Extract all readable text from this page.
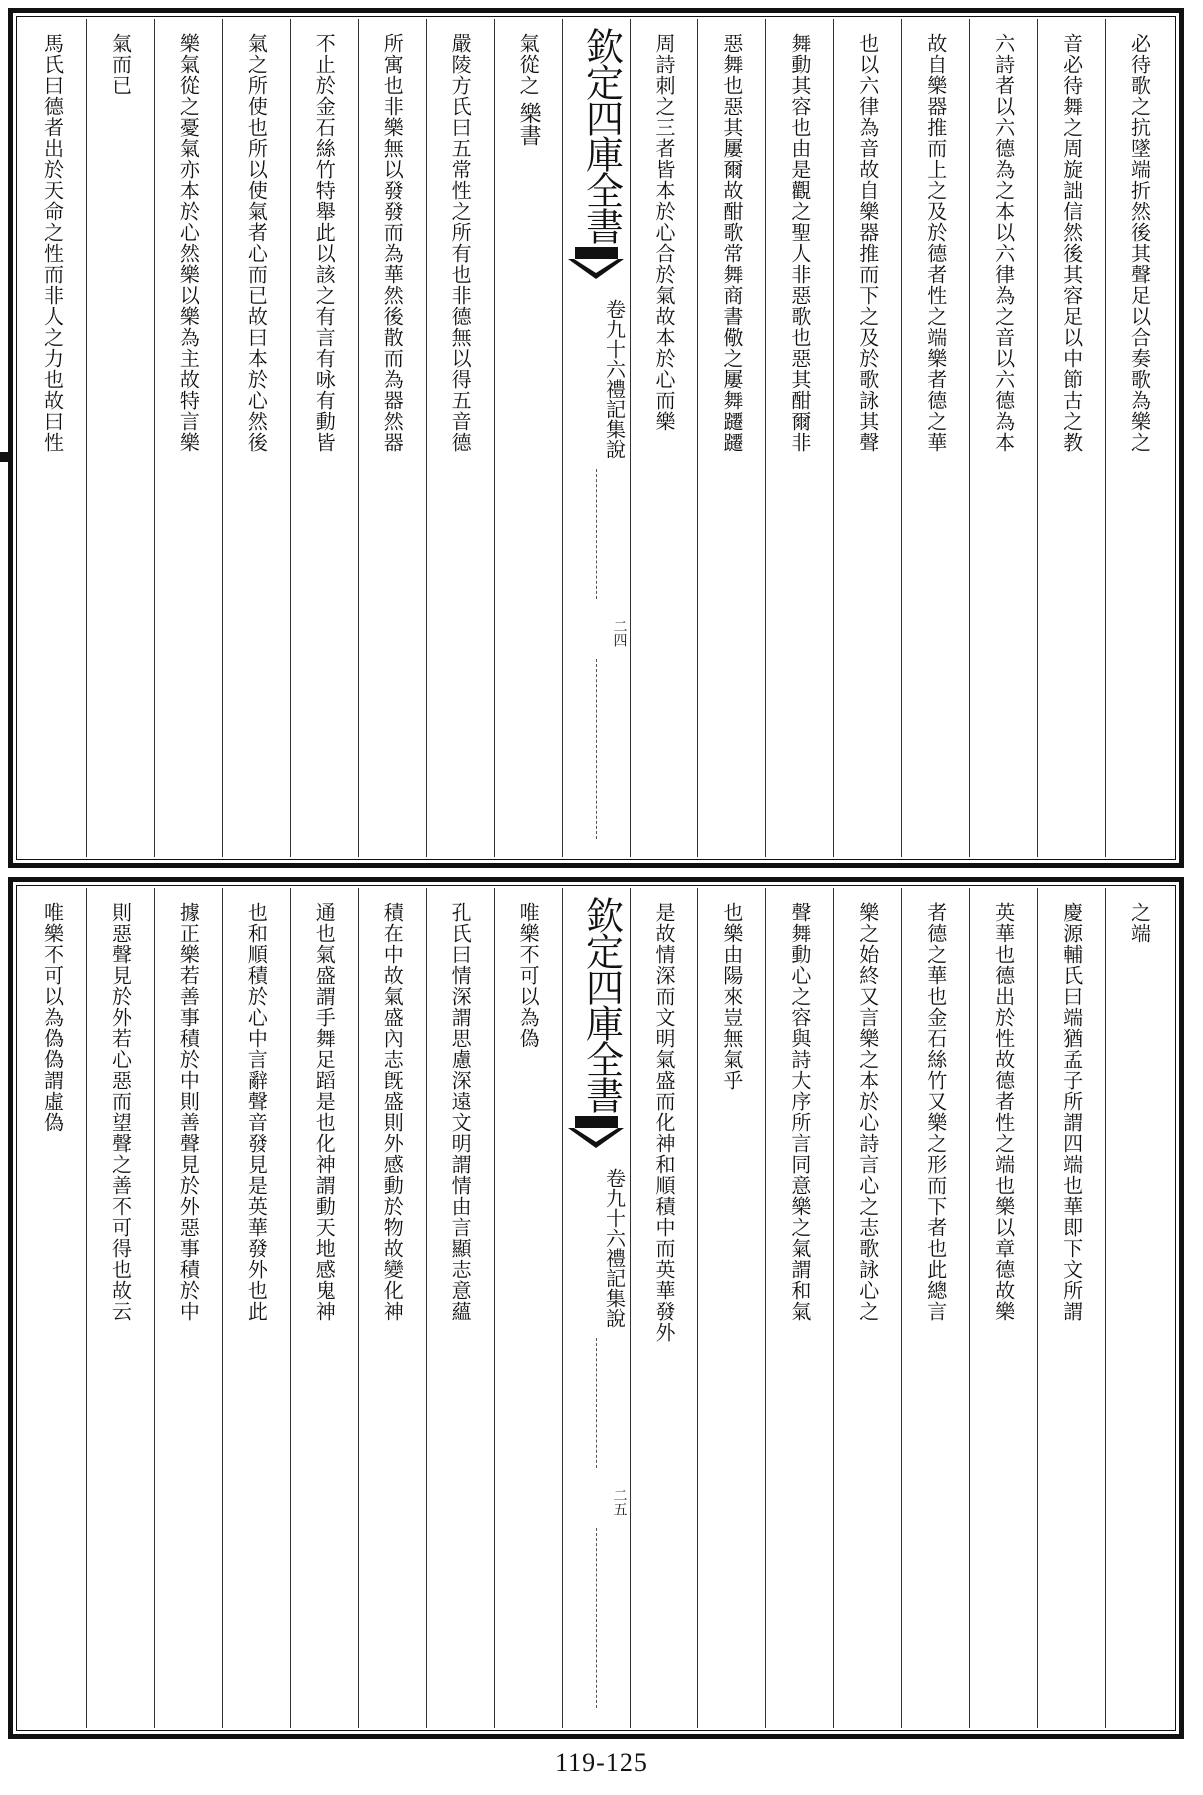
必待歌之抗墜端折然後其聲足以合奏歌為樂之
音必待舞之周旋詘信然後其容足以中節古之教
六詩者以六德為之本以六律為之音以六德為本
故自樂器推而上之及於德者性之端樂者德之華
也以六律為音故自樂器推而下之及於歌詠其聲
舞動其容也由是觀之聖人非惡歌也惡其酣爾非
惡舞也惡其屢爾故酣歌常舞商書儆之屢舞躚躚
周詩刺之三者皆本於心合於氣故本於心而樂
欽定四庫全書
禮記集說
卷九十六
二四
氣從之
樂書
嚴陵方氏曰五常性之所有也非德無以得五音德
所寓也非樂無以發發而為華然後散而為器然器
不止於金石絲竹特舉此以該之有言有咏有動皆
氣之所使也所以使氣者心而已故曰本於心然後
樂氣從之憂氣亦本於心然樂以樂為主故特言樂
氣而已
馬氏曰德者出於天命之性而非人之力也故曰性
之端
慶源輔氏曰端猶孟子所謂四端也華即下文所謂
英華也德出於性故德者性之端也樂以章德故樂
者德之華也金石絲竹又樂之形而下者也此總言
樂之始終又言樂之本於心詩言心之志歌詠心之
聲舞動心之容與詩大序所言同意樂之氣謂和氣
也樂由陽來豈無氣乎
是故情深而文明氣盛而化神和順積中而英華發外
欽定四庫全書
禮記集說
卷九十六
二五
唯樂不可以為偽
孔氏曰情深謂思慮深遠文明謂情由言顯志意蘊
積在中故氣盛內志旣盛則外感動於物故變化神
通也氣盛謂手舞足蹈是也化神謂動天地感鬼神
也和順積於心中言辭聲音發見是英華發外也此
據正樂若善事積於中則善聲見於外惡事積於中
則惡聲見於外若心惡而望聲之善不可得也故云
唯樂不可以為偽偽謂虛偽
119-125
